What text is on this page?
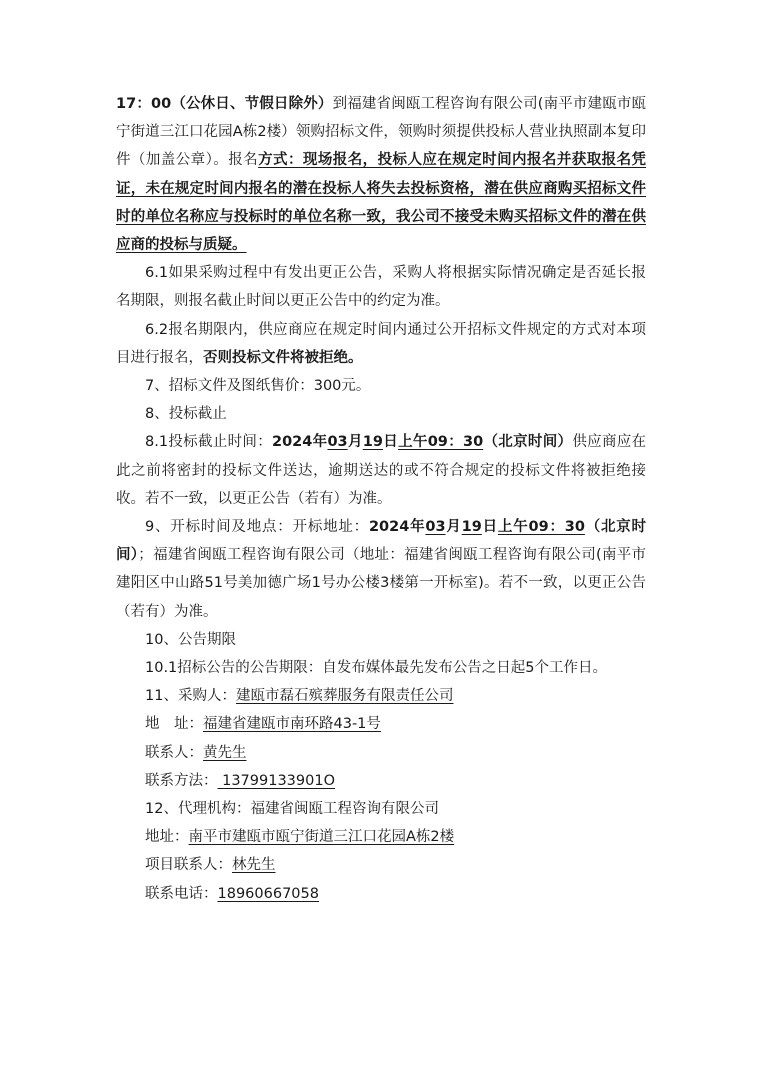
17：00（公休日、节假日除外）到福建省闽瓯工程咨询有限公司(南平市建瓯市瓯宁街道三江口花园A栋2楼）领购招标文件，领购时须提供投标人营业执照副本复印件（加盖公章）。报名方式：现场报名，投标人应在规定时间内报名并获取报名凭证，未在规定时间内报名的潜在投标人将失去投标资格，潜在供应商购买招标文件时的单位名称应与投标时的单位名称一致，我公司不接受未购买招标文件的潜在供应商的投标与质疑。

6.1如果采购过程中有发出更正公告，采购人将根据实际情况确定是否延长报名期限，则报名截止时间以更正公告中的约定为准。

6.2报名期限内，供应商应在规定时间内通过公开招标文件规定的方式对本项目进行报名，否则投标文件将被拒绝。

7、招标文件及图纸售价：300元。

8、投标截止

8.1投标截止时间：2024年03月19日上午09：30（北京时间）供应商应在此之前将密封的投标文件送达，逾期送达的或不符合规定的投标文件将被拒绝接收。若不一致，以更正公告（若有）为准。

9、开标时间及地点：开标地址：2024年03月19日上午09：30（北京时间）；福建省闽瓯工程咨询有限公司（地址：福建省闽瓯工程咨询有限公司(南平市建阳区中山路51号美加德广场1号办公楼3楼第一开标室)。若不一致，以更正公告（若有）为准。

10、公告期限

10.1招标公告的公告期限：自发布媒体最先发布公告之日起5个工作日。

11、采购人：建瓯市磊石殡葬服务有限责任公司

地　址：福建省建瓯市南环路43-1号

联系人：黄先生

联系方法： 13799133901O

12、代理机构：福建省闽瓯工程咨询有限公司

地址：南平市建瓯市瓯宁街道三江口花园A栋2楼

项目联系人：林先生

联系电话：18960667058
